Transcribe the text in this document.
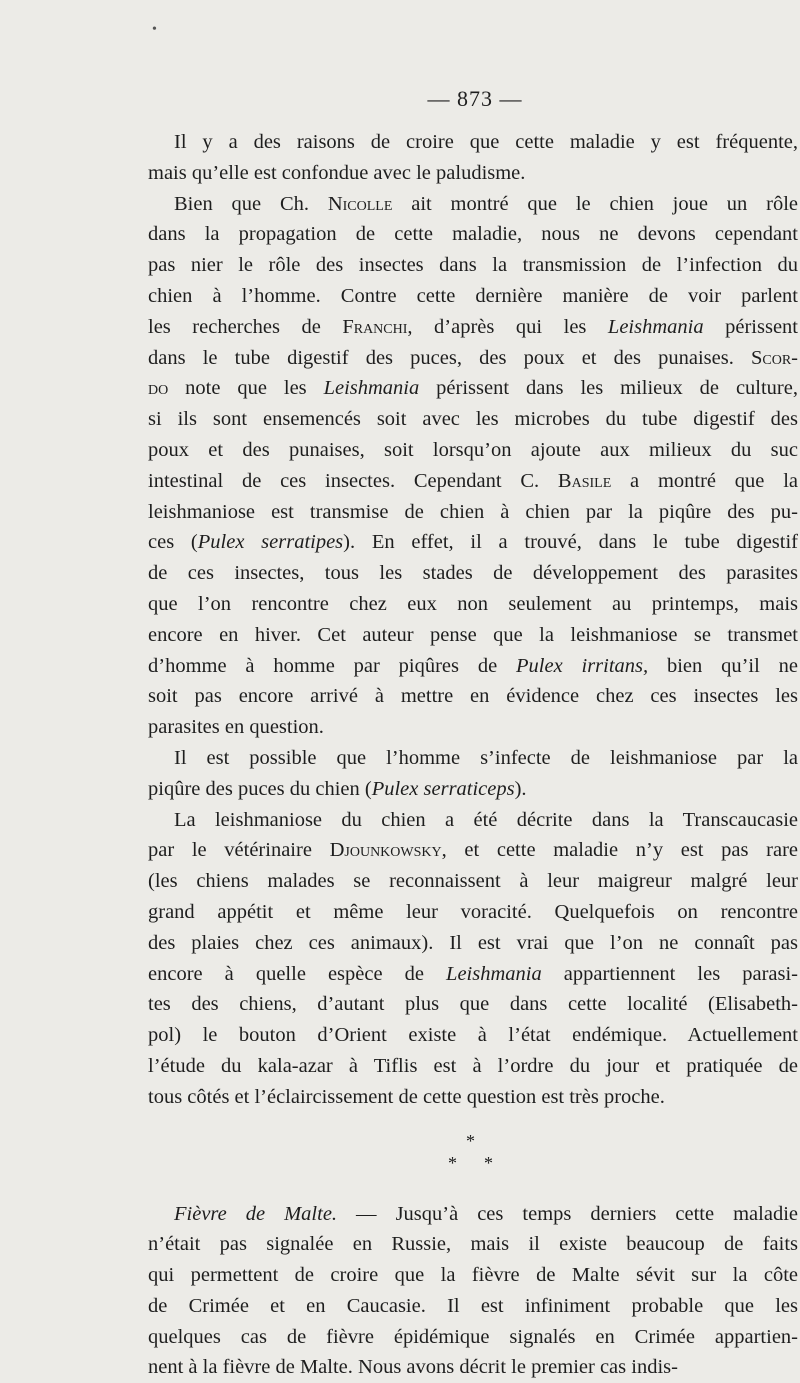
•
— 873 —
Il y a des raisons de croire que cette maladie y est fréquente,
mais qu’elle est confondue avec le paludisme.
Bien que Ch. Nicolle ait montré que le chien joue un rôle
dans la propagation de cette maladie, nous ne devons cependant
pas nier le rôle des insectes dans la transmission de l’infection du
chien à l’homme. Contre cette dernière manière de voir parlent
les recherches de Franchi, d’après qui les Leishmania périssent
dans le tube digestif des puces, des poux et des punaises. Scor-
do note que les Leishmania périssent dans les milieux de culture,
si ils sont ensemencés soit avec les microbes du tube digestif des
poux et des punaises, soit lorsqu’on ajoute aux milieux du suc
intestinal de ces insectes. Cependant C. Basile a montré que la
leishmaniose est transmise de chien à chien par la piqûre des pu-
ces (Pulex serratipes). En effet, il a trouvé, dans le tube digestif
de ces insectes, tous les stades de développement des parasites
que l’on rencontre chez eux non seulement au printemps, mais
encore en hiver. Cet auteur pense que la leishmaniose se transmet
d’homme à homme par piqûres de Pulex irritans, bien qu’il ne
soit pas encore arrivé à mettre en évidence chez ces insectes les
parasites en question.
Il est possible que l’homme s’infecte de leishmaniose par la
piqûre des puces du chien (Pulex serraticeps).
La leishmaniose du chien a été décrite dans la Transcaucasie
par le vétérinaire Djounkowsky, et cette maladie n’y est pas rare
(les chiens malades se reconnaissent à leur maigreur malgré leur
grand appétit et même leur voracité. Quelquefois on rencontre
des plaies chez ces animaux). Il est vrai que l’on ne connaît pas
encore à quelle espèce de Leishmania appartiennent les parasi-
tes des chiens, d’autant plus que dans cette localité (Elisabeth-
pol) le bouton d’Orient existe à l’état endémique. Actuellement
l’étude du kala-azar à Tiflis est à l’ordre du jour et pratiquée de
tous côtés et l’éclaircissement de cette question est très proche.
*
* *
Fièvre de Malte. — Jusqu’à ces temps derniers cette maladie
n’était pas signalée en Russie, mais il existe beaucoup de faits
qui permettent de croire que la fièvre de Malte sévit sur la côte
de Crimée et en Caucasie. Il est infiniment probable que les
quelques cas de fièvre épidémique signalés en Crimée appartien-
nent à la fièvre de Malte. Nous avons décrit le premier cas indis-
